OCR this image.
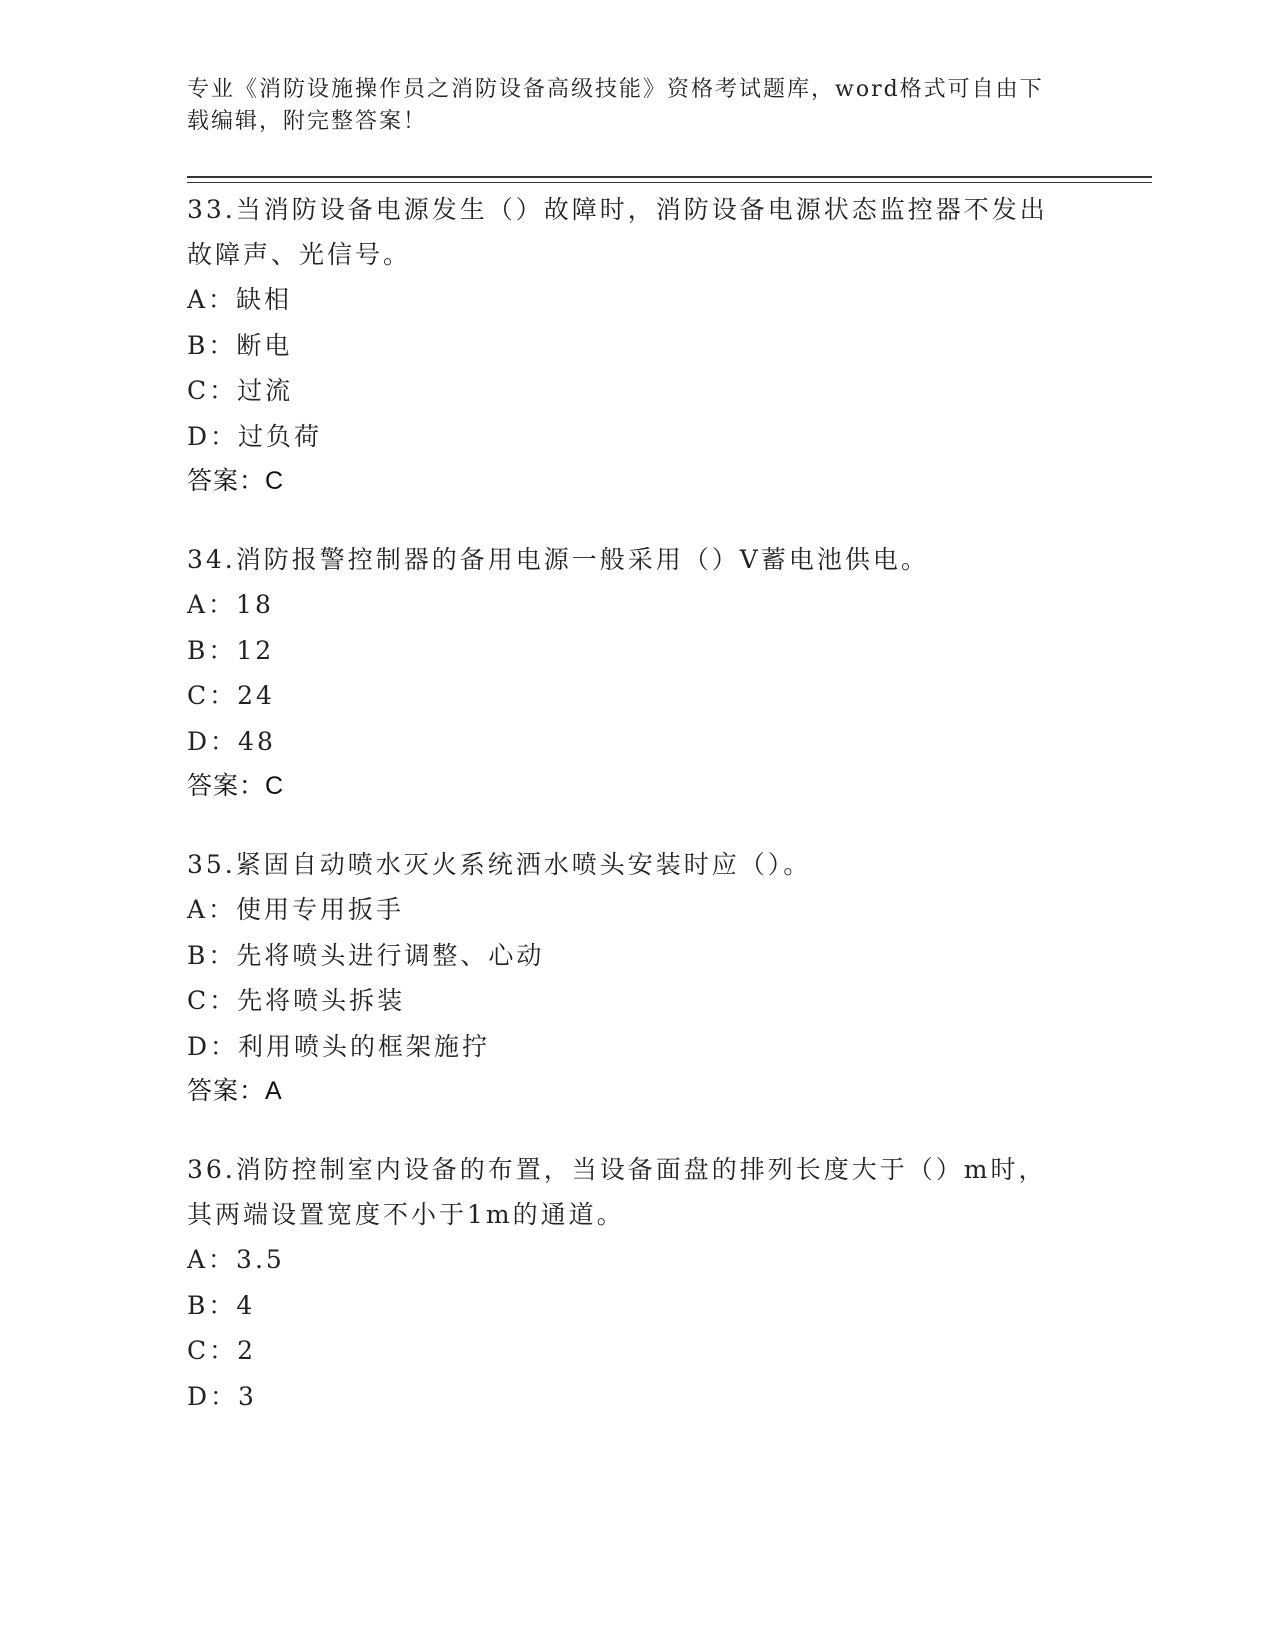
专业《消防设施操作员之消防设备高级技能》资格考试题库，word格式可自由下
载编辑，附完整答案！
33.当消防设备电源发生（）故障时，消防设备电源状态监控器不发出
故障声、光信号。
A：缺相
B：断电
C：过流
D：过负荷
答案：C
34.消防报警控制器的备用电源一般采用（）V蓄电池供电。
A：18
B：12
C：24
D：48
答案：C
35.紧固自动喷水灭火系统洒水喷头安装时应（）。
A：使用专用扳手
B：先将喷头进行调整、心动
C：先将喷头拆装
D：利用喷头的框架施拧
答案：A
36.消防控制室内设备的布置，当设备面盘的排列长度大于（）m时，
其两端设置宽度不小于1m的通道。
A：3.5
B：4
C：2
D：3
